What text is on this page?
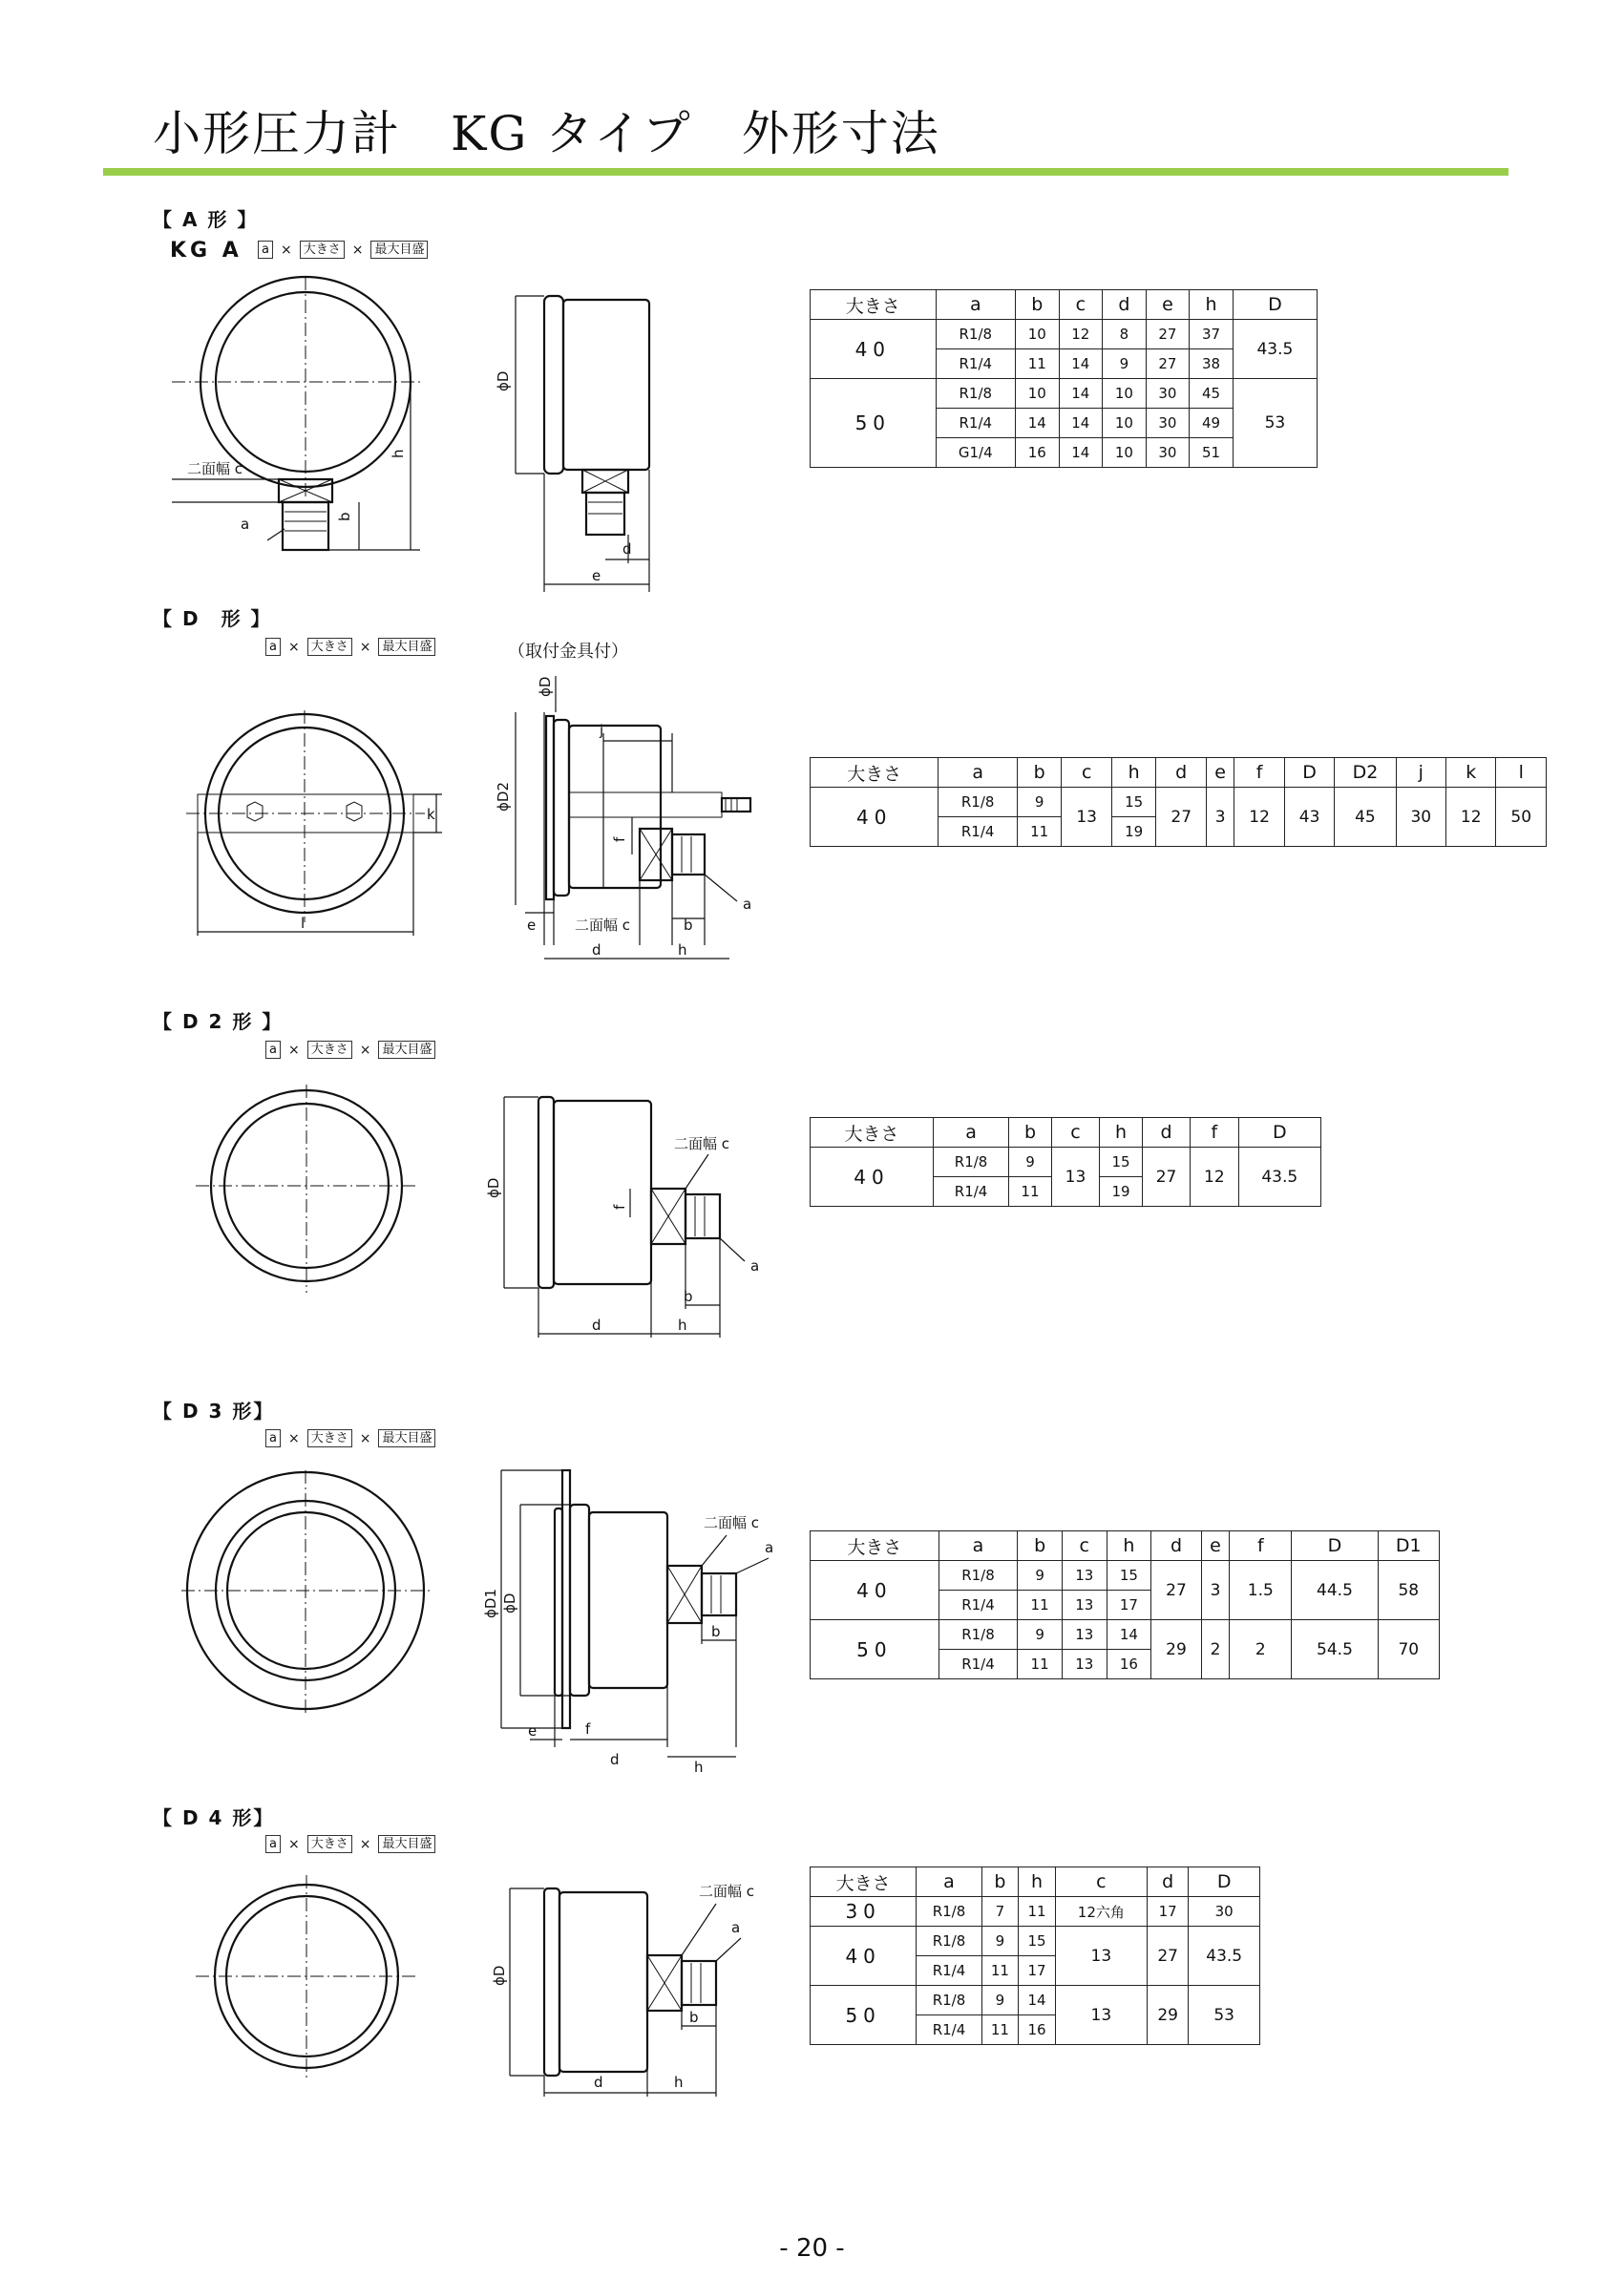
小形圧力計　KG タイプ　外形寸法
【 A 形 】
KG A	a × 大きさ × 最大目盛
二面幅 c
a	b
h
ϕD
d
e
大きさ	a	b	c	d	e	h	D
40	R1/8	10	12	8	27	37	43.5
	R1/4	11	14	9	27	38	
50	R1/8	10	14	10	30	45	53
	R1/4	14	14	10	30	49	
	G1/4	16	14	10	30	51	
【 D　形 】
a × 大きさ × 最大目盛	（取付金具付）
k
l
ϕD
ϕD2
j
f
e	二面幅 c	b
a
d	h
大きさ	a	b	c	h	d	e	f	D	D2	j	k	l
40	R1/8	9	13	15	27	3	12	43	45	30	12	50
	R1/4	11		19								
【 D 2 形 】
a × 大きさ × 最大目盛
ϕD
f
二面幅 c
a
b
d	h
大きさ	a	b	c	h	d	f	D
40	R1/8	9	13	15	27	12	43.5
	R1/4	11		19			
【 D 3 形】
a × 大きさ × 最大目盛
ϕD1 ϕD
二面幅 c
a
b
e	f
d	h
大きさ	a	b	c	h	d	e	f	D	D1
40	R1/8	9	13	15	27	3	1.5	44.5	58
	R1/4	11	13	17					
50	R1/8	9	13	14	29	2	2	54.5	70
	R1/4	11	13	16					
【 D 4 形】
a × 大きさ × 最大目盛
ϕD
二面幅 c
a
b
d	h
大きさ	a	b	h	c	d	D
30	R1/8	7	11	12六角	17	30
40	R1/8	9	15	13	27	43.5
	R1/4	11	17			
50	R1/8	9	14	13	29	53
	R1/4	11	16			
- 20 -
